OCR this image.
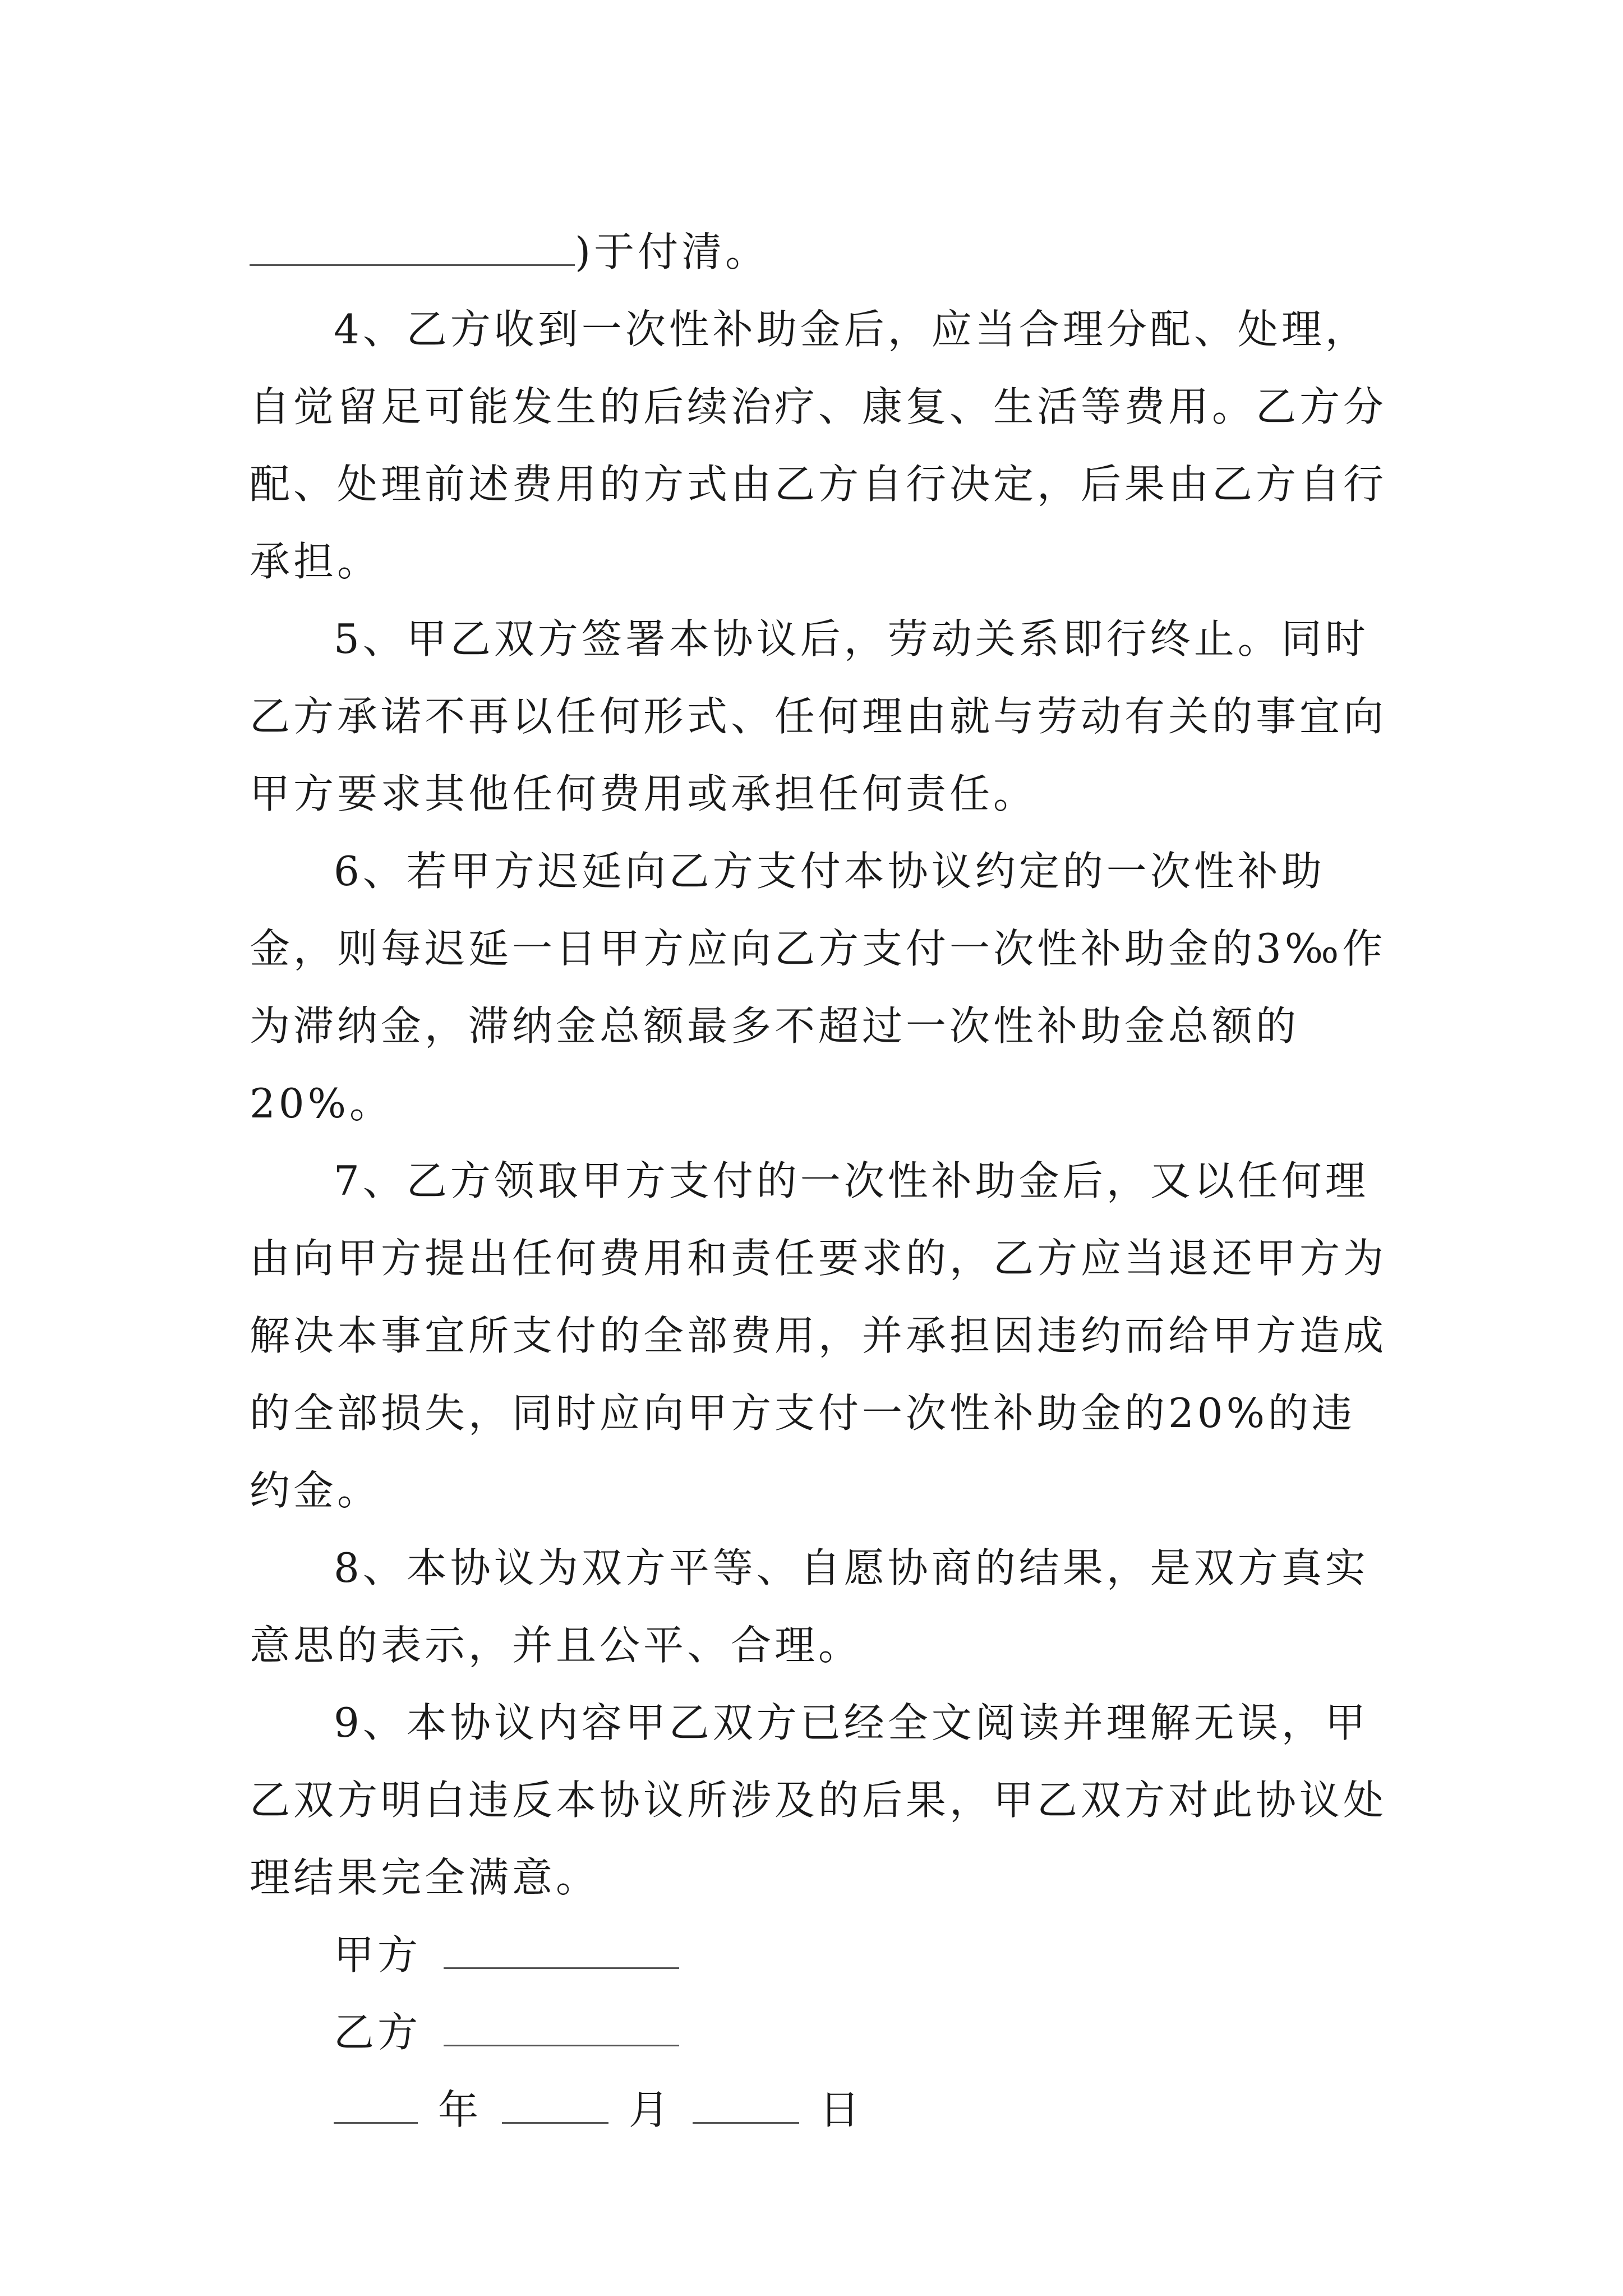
)于付清。

4、乙方收到一次性补助金后，应当合理分配、处理，自觉留足可能发生的后续治疗、康复、生活等费用。乙方分配、处理前述费用的方式由乙方自行决定，后果由乙方自行承担。

5、甲乙双方签署本协议后，劳动关系即行终止。同时乙方承诺不再以任何形式、任何理由就与劳动有关的事宜向甲方要求其他任何费用或承担任何责任。

6、若甲方迟延向乙方支付本协议约定的一次性补助金，则每迟延一日甲方应向乙方支付一次性补助金的3‰作为滞纳金，滞纳金总额最多不超过一次性补助金总额的20%。

7、乙方领取甲方支付的一次性补助金后，又以任何理由向甲方提出任何费用和责任要求的，乙方应当退还甲方为解决本事宜所支付的全部费用，并承担因违约而给甲方造成的全部损失，同时应向甲方支付一次性补助金的20%的违约金。

8、本协议为双方平等、自愿协商的结果，是双方真实意思的表示，并且公平、合理。

9、本协议内容甲乙双方已经全文阅读并理解无误，甲乙双方明白违反本协议所涉及的后果，甲乙双方对此协议处理结果完全满意。

甲方

乙方

年	月	日
